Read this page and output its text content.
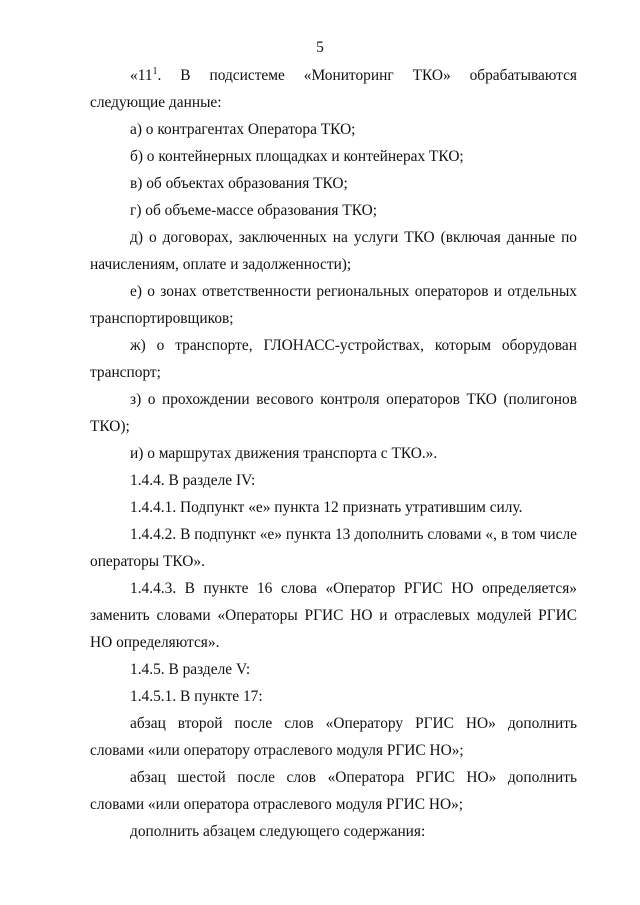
5

«$11^1$. В подсистеме «Мониторинг ТКО» обрабатываются следующие данные:

а) о контрагентах Оператора ТКО;

б) о контейнерных площадках и контейнерах ТКО;

в) об объектах образования ТКО;

г) об объеме-массе образования ТКО;

д) о договорах, заключенных на услуги ТКО (включая данные по начислениям, оплате и задолженности);

е) о зонах ответственности региональных операторов и отдельных транспортировщиков;

ж) о транспорте, ГЛОНАСС-устройствах, которым оборудован транспорт;

з) о прохождении весового контроля операторов ТКО (полигонов ТКО);

и) о маршрутах движения транспорта с ТКО.».

1.4.4. В разделе IV:

1.4.4.1. Подпункт «е» пункта 12 признать утратившим силу.

1.4.4.2. В подпункт «е» пункта 13 дополнить словами «, в том числе операторы ТКО».

1.4.4.3. В пункте 16 слова «Оператор РГИС НО определяется» заменить словами «Операторы РГИС НО и отраслевых модулей РГИС НО определяются».

1.4.5. В разделе V:

1.4.5.1. В пункте 17:

абзац второй после слов «Оператору РГИС НО» дополнить словами «или оператору отраслевого модуля РГИС НО»;

абзац шестой после слов «Оператора РГИС НО» дополнить словами «или оператора отраслевого модуля РГИС НО»;

дополнить абзацем следующего содержания:
